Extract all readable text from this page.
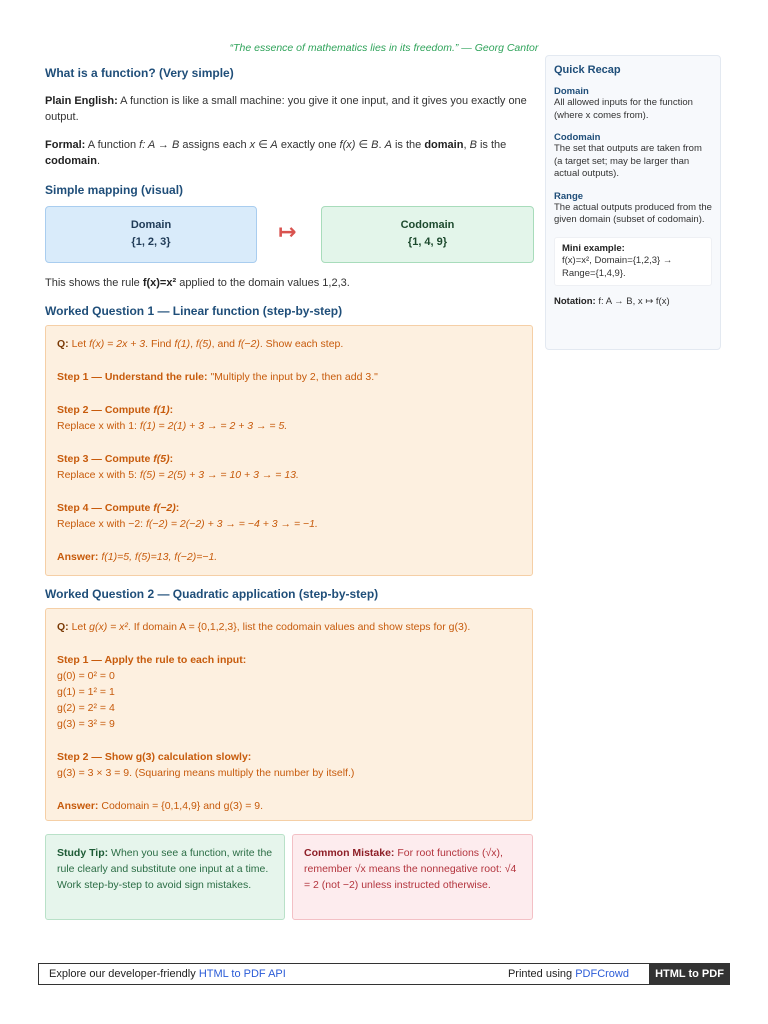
“The essence of mathematics lies in its freedom.” — Georg Cantor
What is a function? (Very simple)
Plain English: A function is like a small machine: you give it one input, and it gives you exactly one output.
Formal: A function f: A → B assigns each x ∈ A exactly one f(x) ∈ B. A is the domain, B is the codomain.
Simple mapping (visual)
Domain
{1, 2, 3}	↦	Codomain
{1, 4, 9}
This shows the rule f(x)=x² applied to the domain values 1,2,3.
Worked Question 1 — Linear function (step-by-step)
Q: Let f(x) = 2x + 3. Find f(1), f(5), and f(−2). Show each step.
Step 1 — Understand the rule: "Multiply the input by 2, then add 3."
Step 2 — Compute f(1):
Replace x with 1: f(1) = 2(1) + 3 → = 2 + 3 → = 5.
Step 3 — Compute f(5):
Replace x with 5: f(5) = 2(5) + 3 → = 10 + 3 → = 13.
Step 4 — Compute f(−2):
Replace x with −2: f(−2) = 2(−2) + 3 → = −4 + 3 → = −1.
Answer: f(1)=5, f(5)=13, f(−2)=−1.
Worked Question 2 — Quadratic application (step-by-step)
Q: Let g(x) = x². If domain A = {0,1,2,3}, list the codomain values and show steps for g(3).
Step 1 — Apply the rule to each input:
g(0) = 0² = 0
g(1) = 1² = 1
g(2) = 2² = 4
g(3) = 3² = 9
Step 2 — Show g(3) calculation slowly:
g(3) = 3 × 3 = 9. (Squaring means multiply the number by itself.)
Answer: Codomain = {0,1,4,9} and g(3) = 9.
Study Tip: When you see a function, write the rule clearly and substitute one input at a time. Work step-by-step to avoid sign mistakes.
Common Mistake: For root functions (√x), remember √x means the nonnegative root: √4 = 2 (not −2) unless instructed otherwise.
Quick Recap

Domain

All allowed inputs for the function (where x comes from).

Codomain

The set that outputs are taken from (a target set; may be larger than actual outputs).

Range

The actual outputs produced from the given domain (subset of codomain).

Mini example:
f(x)=x², Domain={1,2,3} → Range={1,4,9}.
Notation: f: A → B, x ↦ f(x)
Explore our developer-friendly HTML to PDF API	Printed using PDFCrowd	HTML to PDF
